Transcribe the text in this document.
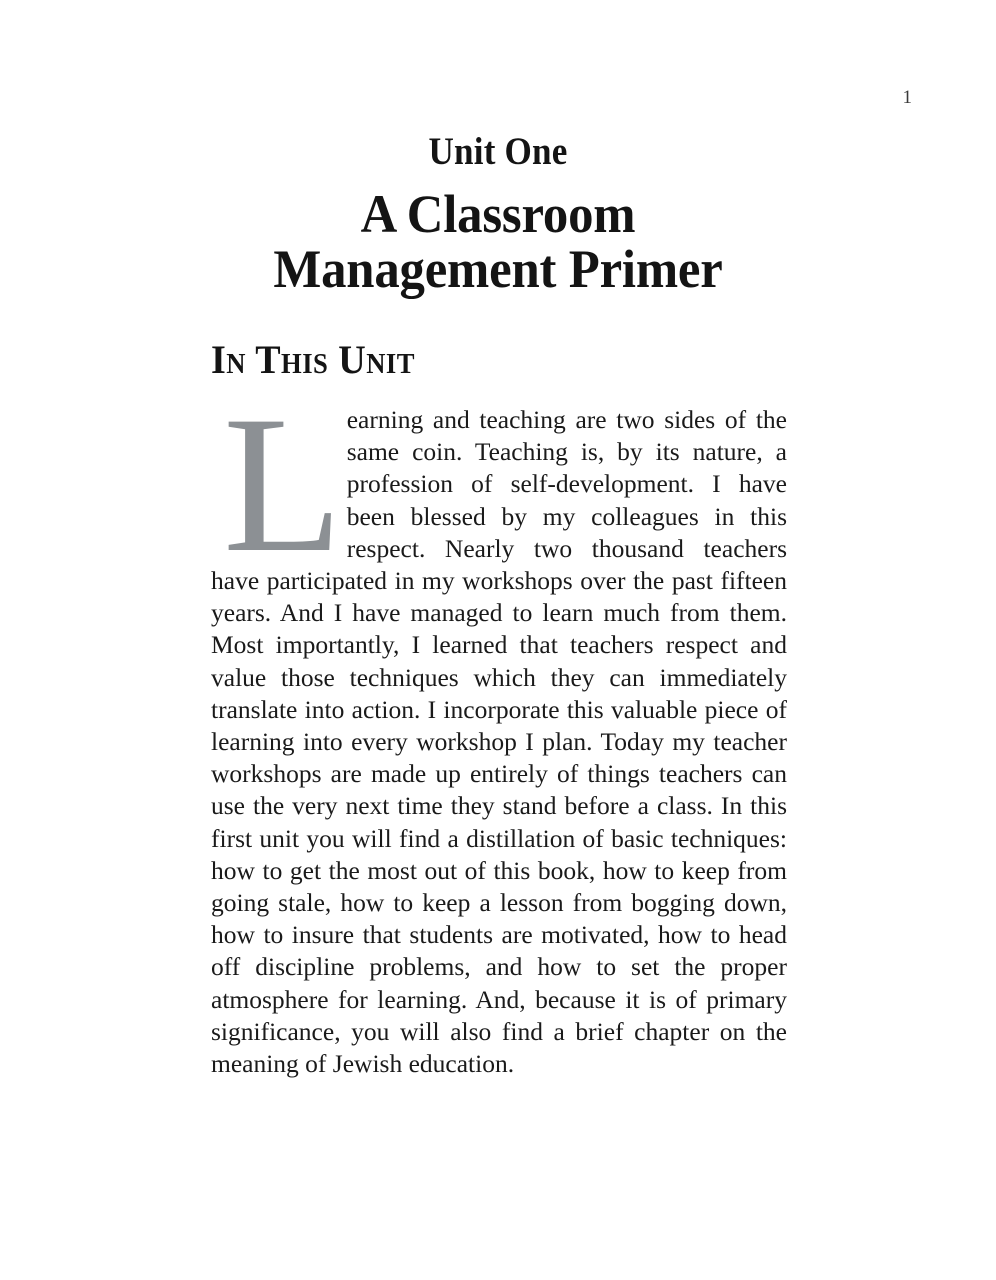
1
Unit One
A Classroom
Management Primer
In This Unit

Learning and teaching are two sides of the same coin. Teaching is, by its nature, a profession of self-development. I have been blessed by my colleagues in this respect. Nearly two thousand teachers have participated in my workshops over the past fifteen years. And I have managed to learn much from them. Most importantly, I learned that teachers respect and value those techniques which they can immediately translate into action. I incorporate this valuable piece of learning into every workshop I plan. Today my teacher workshops are made up entirely of things teachers can use the very next time they stand before a class. In this first unit you will find a distillation of basic techniques: how to get the most out of this book, how to keep from going stale, how to keep a lesson from bogging down, how to insure that students are motivated, how to head off discipline problems, and how to set the proper atmosphere for learning. And, because it is of primary significance, you will also find a brief chapter on the meaning of Jewish education.
